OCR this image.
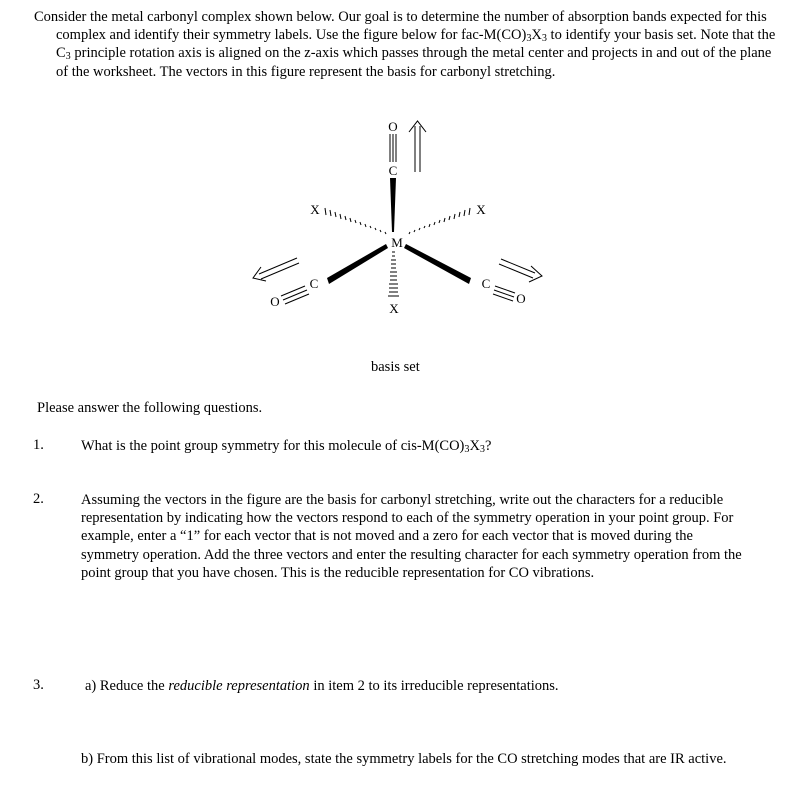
Consider the metal carbonyl complex shown below. Our goal is to determine the number of absorption bands expected for this complex and identify their symmetry labels. Use the figure below for fac-$M(CO)_3X_3$ to identify your basis set. Note that the $C_3$ principle rotation axis is aligned on the z-axis which passes through the metal center and projects in and out of the plane of the worksheet. The vectors in this figure represent the basis for carbonyl stretching.
O
C
M
X	X
X
C
O
C
O
basis set
Please answer the following questions.
1.	What is the point group symmetry for this molecule of cis-$M(CO)_3X_3$?
2.	Assuming the vectors in the figure are the basis for carbonyl stretching, write out the characters for a reducible representation by indicating how the vectors respond to each of the symmetry operation in your point group. For example, enter a “1” for each vector that is not moved and a zero for each vector that is moved during the symmetry operation. Add the three vectors and enter the resulting character for each symmetry operation from the point group that you have chosen. This is the reducible representation for CO vibrations.
3.	a) Reduce the reducible representation in item 2 to its irreducible representations.
b) From this list of vibrational modes, state the symmetry labels for the CO stretching modes that are IR active.
